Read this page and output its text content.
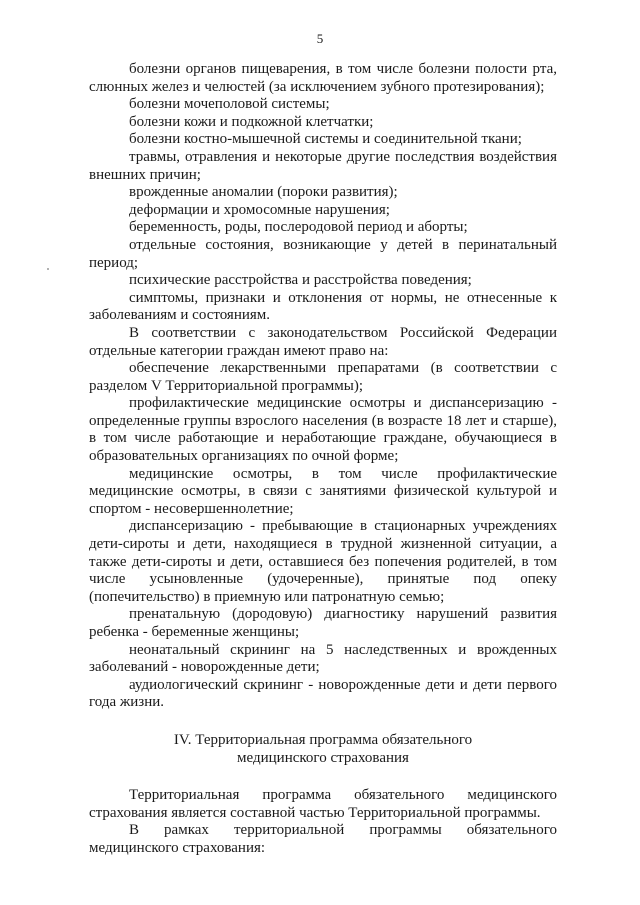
5

болезни органов пищеварения, в том числе болезни полости рта, слюнных желез и челюстей (за исключением зубного протезирования);

болезни мочеполовой системы;

болезни кожи и подкожной клетчатки;

болезни костно-мышечной системы и соединительной ткани;

травмы, отравления и некоторые другие последствия воздействия внешних причин;

врожденные аномалии (пороки развития);

деформации и хромосомные нарушения;

беременность, роды, послеродовой период и аборты;

отдельные состояния, возникающие у детей в перинатальный период;

психические расстройства и расстройства поведения;

симптомы, признаки и отклонения от нормы, не отнесенные к заболеваниям и состояниям.

В соответствии с законодательством Российской Федерации отдельные категории граждан имеют право на:

обеспечение лекарственными препаратами (в соответствии с разделом V Территориальной программы);

профилактические медицинские осмотры и диспансеризацию - определенные группы взрослого населения (в возрасте 18 лет и старше), в том числе работающие и неработающие граждане, обучающиеся в образовательных организациях по очной форме;

медицинские осмотры, в том числе профилактические медицинские осмотры, в связи с занятиями физической культурой и спортом - несовершеннолетние;

диспансеризацию - пребывающие в стационарных учреждениях дети-сироты и дети, находящиеся в трудной жизненной ситуации, а также дети-сироты и дети, оставшиеся без попечения родителей, в том числе усыновленные (удочеренные), принятые под опеку (попечительство) в приемную или патронатную семью;

пренатальную (дородовую) диагностику нарушений развития ребенка - беременные женщины;

неонатальный скрининг на 5 наследственных и врожденных заболеваний - новорожденные дети;

аудиологический скрининг - новорожденные дети и дети первого года жизни.

IV. Территориальная программа обязательного
медицинского страхования

Территориальная программа обязательного медицинского страхования является составной частью Территориальной программы.

В рамках территориальной программы обязательного медицинского страхования:
